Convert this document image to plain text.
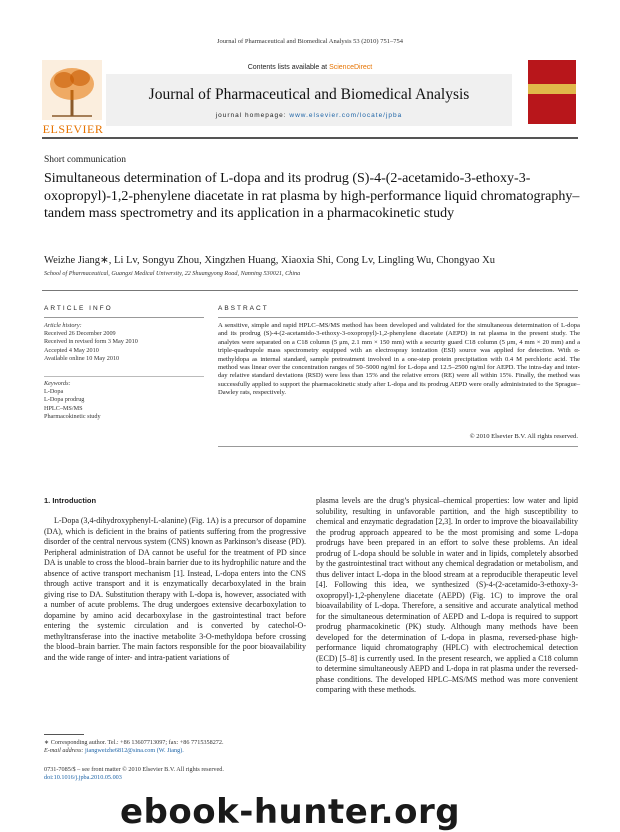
Journal of Pharmaceutical and Biomedical Analysis 53 (2010) 751–754
Contents lists available at ScienceDirect
Journal of Pharmaceutical and Biomedical Analysis
journal homepage: www.elsevier.com/locate/jpba
ELSEVIER
Short communication
Simultaneous determination of L-dopa and its prodrug (S)-4-(2-acetamido-3-ethoxy-3-oxopropyl)-1,2-phenylene diacetate in rat plasma by high-performance liquid chromatography–tandem mass spectrometry and its application in a pharmacokinetic study
Weizhe Jiang∗, Li Lv, Songyu Zhou, Xingzhen Huang, Xiaoxia Shi, Cong Lv, Lingling Wu, Chongyao Xu
School of Pharmaceutical, Guangxi Medical University, 22 Shuangyong Road, Nanning 530021, China
ARTICLE INFO	ABSTRACT
Article history:
Received 26 December 2009
Received in revised form 3 May 2010
Accepted 4 May 2010
Available online 10 May 2010
Keywords:
L-Dopa
L-Dopa prodrug
HPLC–MS/MS
Pharmacokinetic study
A sensitive, simple and rapid HPLC–MS/MS method has been developed and validated for the simultaneous determination of L-dopa and its prodrug (S)-4-(2-acetamido-3-ethoxy-3-oxopropyl)-1,2-phenylene diacetate (AEPD) in rat plasma in the present study. The analytes were separated on a C18 column (5 μm, 2.1 mm × 150 mm) with a security guard C18 column (5 μm, 4 mm × 20 mm) and a triple-quadrupole mass spectrometry equipped with an electrospray ionization (ESI) source was applied for detection. With α-methyldopa as internal standard, sample pretreatment involved in a one-step protein precipitation with 0.4 M perchloric acid. The method was linear over the concentration ranges of 50–5000 ng/ml for L-dopa and 12.5–2500 ng/ml for AEPD. The intra-day and inter-day relative standard deviations (RSD) were less than 15% and the relative errors (RE) were all within 15%. Finally, the method was successfully applied to support the pharmacokinetic study after L-dopa and its prodrug AEPD were orally administrated to the Sprague–Dawley rats, respectively.
© 2010 Elsevier B.V. All rights reserved.
1. Introduction
L-Dopa (3,4-dihydroxyphenyl-L-alanine) (Fig. 1A) is a precursor of dopamine (DA), which is deficient in the brains of patients suffering from the progressive disorder of the central nervous system (CNS) known as Parkinson’s disease (PD). Peripheral administration of DA cannot be useful for the treatment of PD since DA is unable to cross the blood–brain barrier due to its hydrophilic nature and the absence of active transport mechanism [1]. Instead, L-dopa enters into the CNS through active transport and it is enzymatically decarboxylated in the brain giving rise to DA. Substitution therapy with L-dopa is, however, associated with a number of acute problems. The drug undergoes extensive decarboxylation to dopamine by amino acid decarboxylase in the gastrointestinal tract before entering the systemic circulation and is converted by catechol-O-methyltransferase into the inactive metabolite 3-O-methyldopa before crossing the blood–brain barrier. The main factors responsible for the poor bioavailability and the wide range of inter- and intra-patient variations of
plasma levels are the drug’s physical–chemical properties: low water and lipid solubility, resulting in unfavorable partition, and the high susceptibility to chemical and enzymatic degradation [2,3]. In order to improve the bioavailability the prodrug approach appeared to be the most promising and some L-dopa prodrugs have been prepared in an effort to solve these problems. An ideal prodrug of L-dopa should be soluble in water and in lipids, completely absorbed by the gastrointestinal tract without any chemical degradation or metabolism, and thus deliver intact L-dopa in the blood stream at a reproducible therapeutic level [4]. Following this idea, we synthesized (S)-4-(2-acetamido-3-ethoxy-3-oxopropyl)-1,2-phenylene diacetate (AEPD) (Fig. 1C) to improve the oral bioavailability of L-dopa. Therefore, a sensitive and accurate analytical method for the simultaneous determination of AEPD and L-dopa is required to support prodrug pharmacokinetic (PK) study. Although many methods have been developed for the determination of L-dopa in plasma, reversed-phase high-performance liquid chromatography (HPLC) with electrochemical detection (ECD) [5–8] is currently used. In the present research, we applied a C18 column to determine simultaneously AEPD and L-dopa in rat plasma under the reversed-phase conditions. The developed HPLC–MS/MS method was more convenient comparing with these methods.
∗ Corresponding author. Tel.: +86 13607713097; fax: +86 7715358272.
E-mail address: jiangweizhe6812@sina.com (W. Jiang).
0731-7085/$ – see front matter © 2010 Elsevier B.V. All rights reserved.
doi:10.1016/j.jpba.2010.05.003
ebook-hunter.org
